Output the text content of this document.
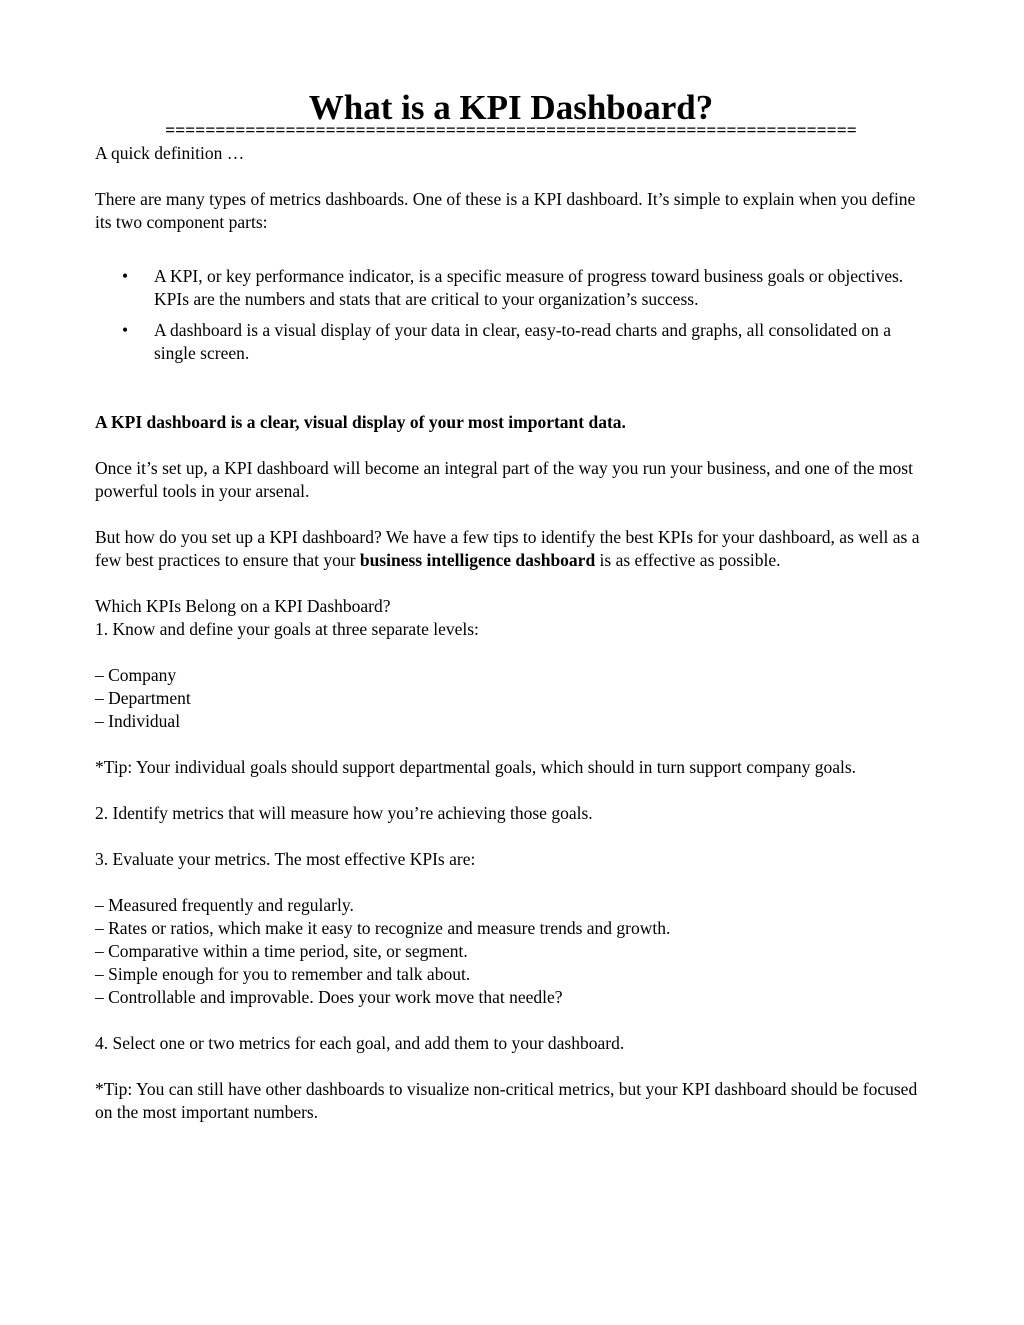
What is a KPI Dashboard?
=====================================================================

A quick definition …

There are many types of metrics dashboards. One of these is a KPI dashboard. It’s simple to explain when you define its two component parts:

• A KPI, or key performance indicator, is a specific measure of progress toward business goals or objectives. KPIs are the numbers and stats that are critical to your organization’s success.
• A dashboard is a visual display of your data in clear, easy-to-read charts and graphs, all consolidated on a single screen.

A KPI dashboard is a clear, visual display of your most important data.

Once it’s set up, a KPI dashboard will become an integral part of the way you run your business, and one of the most powerful tools in your arsenal.

But how do you set up a KPI dashboard? We have a few tips to identify the best KPIs for your dashboard, as well as a few best practices to ensure that your business intelligence dashboard is as effective as possible.

Which KPIs Belong on a KPI Dashboard?

1. Know and define your goals at three separate levels:

– Company

– Department

– Individual

*Tip: Your individual goals should support departmental goals, which should in turn support company goals.

2. Identify metrics that will measure how you’re achieving those goals.

3. Evaluate your metrics. The most effective KPIs are:

– Measured frequently and regularly.

– Rates or ratios, which make it easy to recognize and measure trends and growth.

– Comparative within a time period, site, or segment.

– Simple enough for you to remember and talk about.

– Controllable and improvable. Does your work move that needle?

4. Select one or two metrics for each goal, and add them to your dashboard.

*Tip: You can still have other dashboards to visualize non-critical metrics, but your KPI dashboard should be focused on the most important numbers.
